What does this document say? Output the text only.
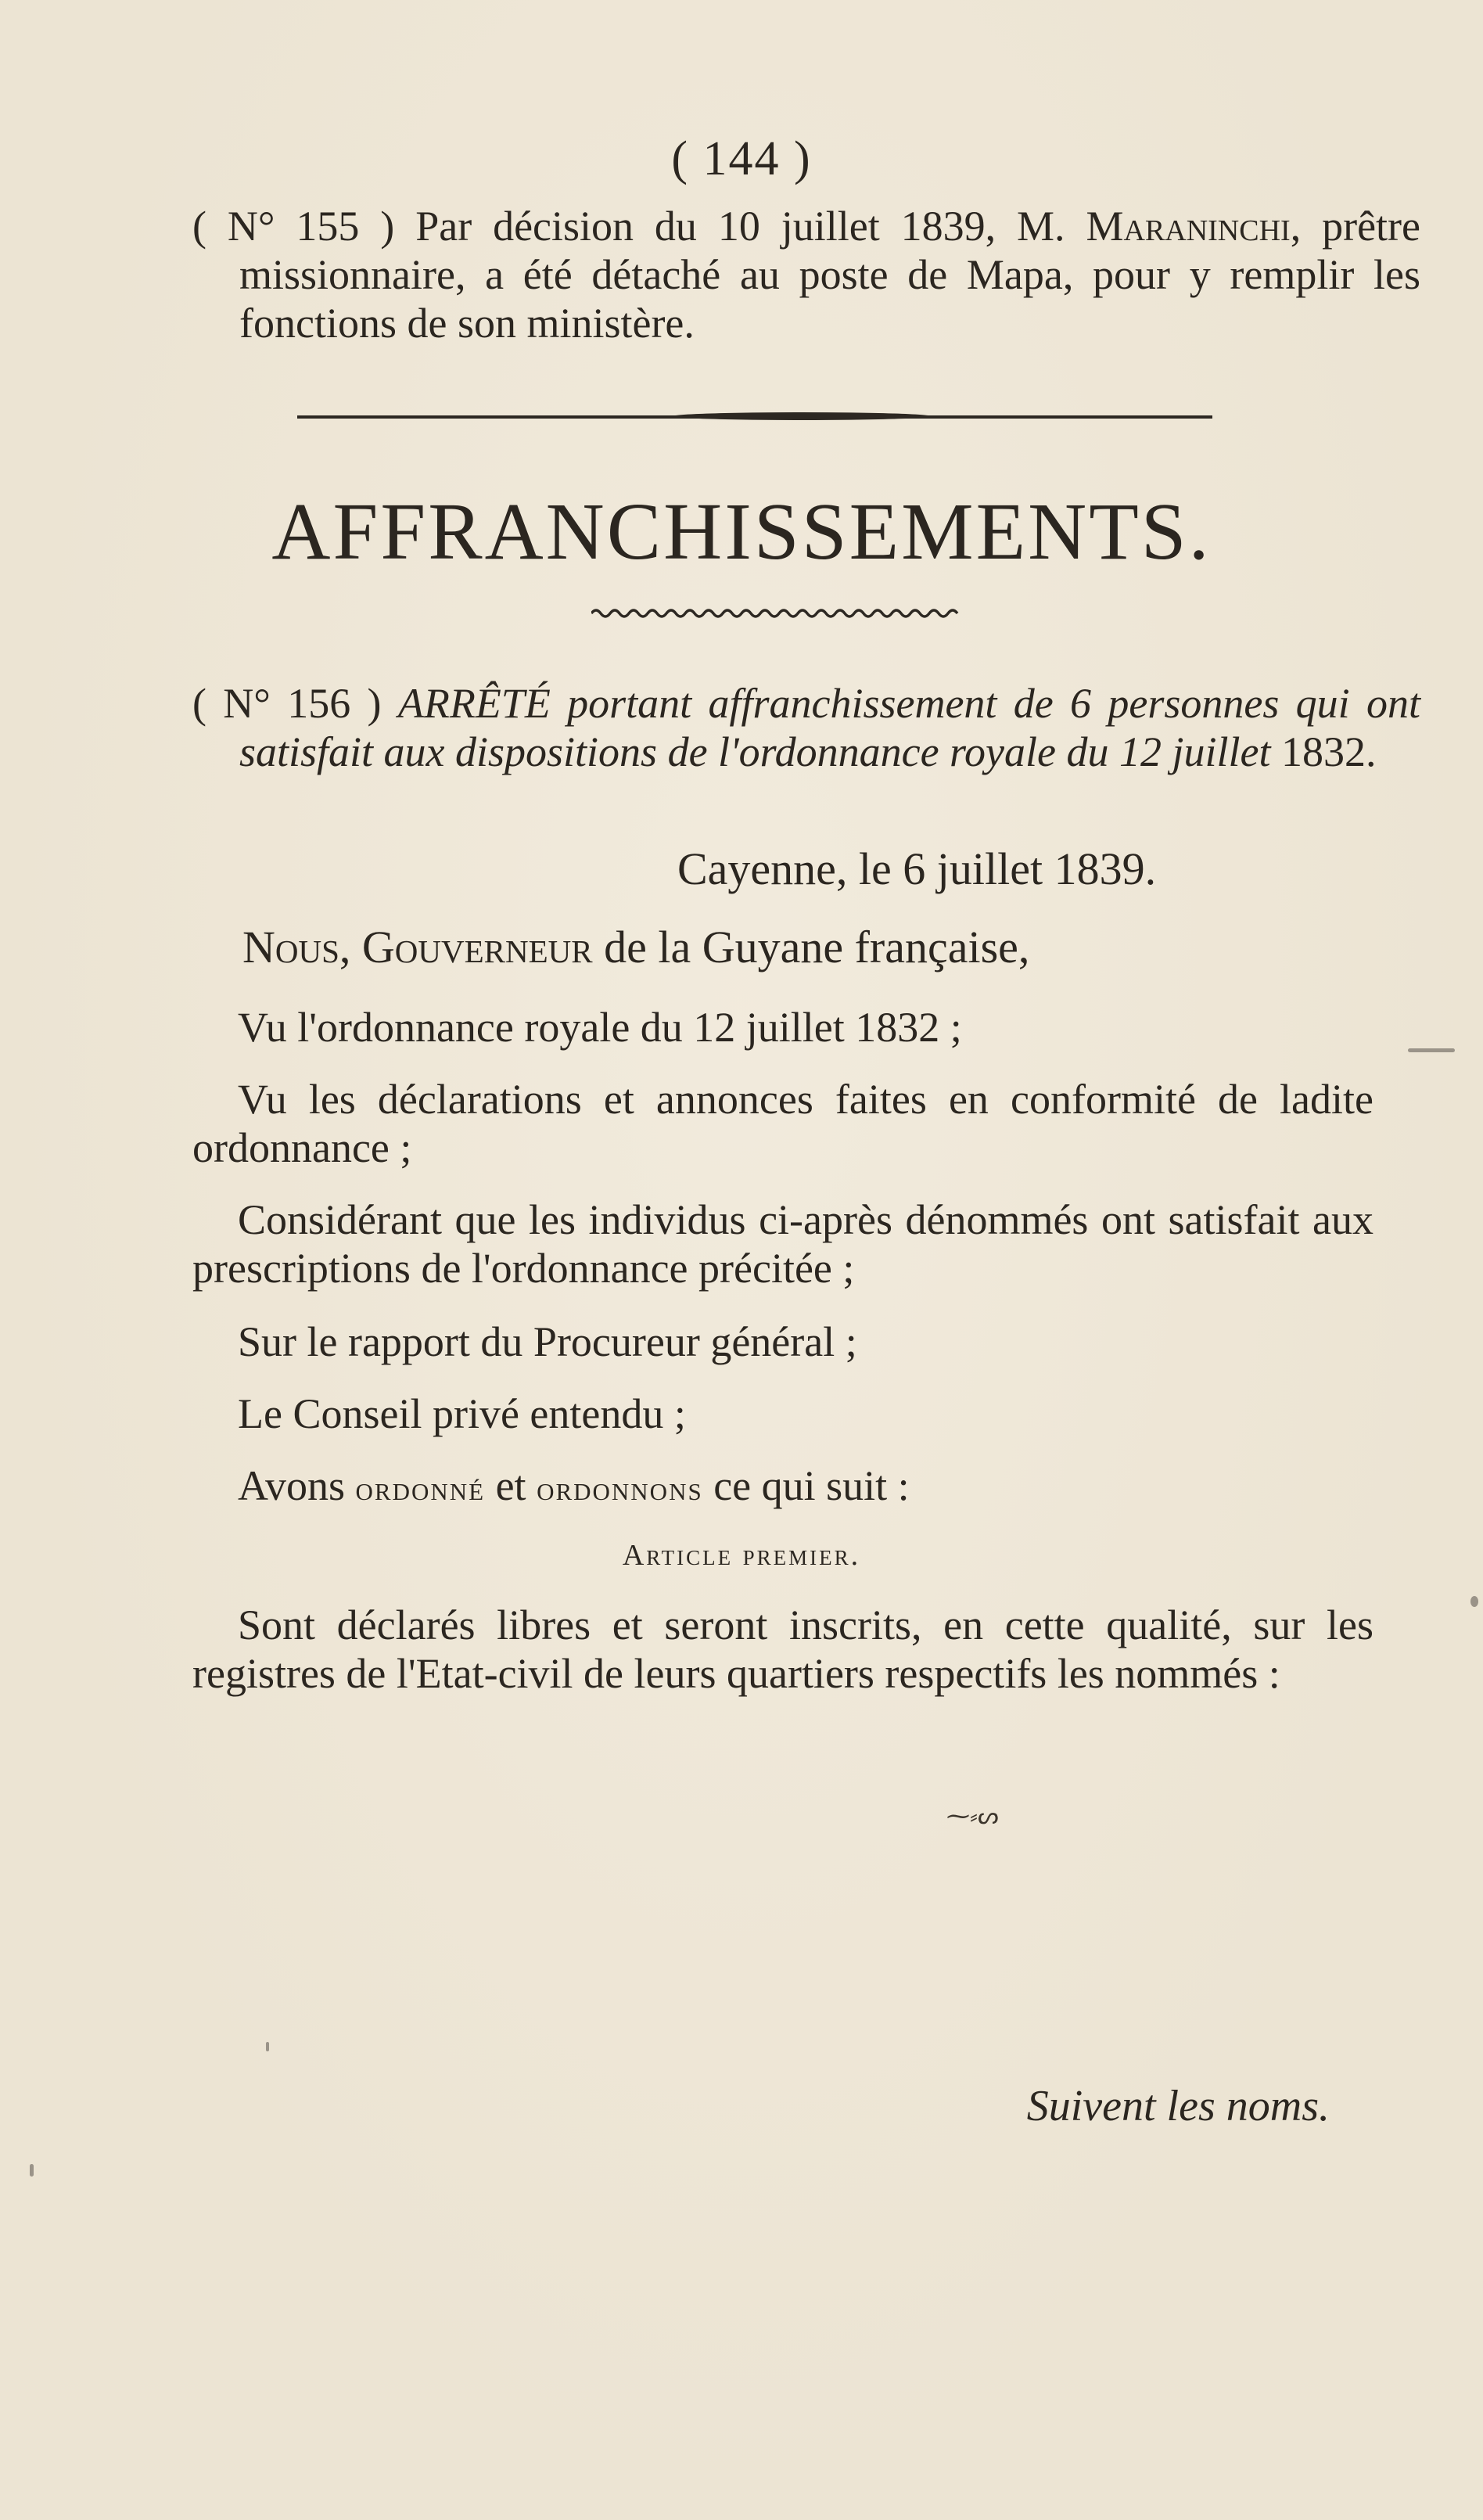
( 144 )
( N° 155 ) Par décision du 10 juillet 1839, M. Maraninchi, prêtre missionnaire, a été détaché au poste de Mapa, pour y remplir les fonctions de son ministère.
AFFRANCHISSEMENTS.
( N° 156 ) ARRÊTÉ portant affranchissement de 6 personnes qui ont satisfait aux dispositions de l'ordonnance royale du 12 juillet 1832.
Cayenne, le 6 juillet 1839.
Nous, Gouverneur de la Guyane française,
Vu l'ordonnance royale du 12 juillet 1832 ;
Vu les déclarations et annonces faites en conformité de ladite ordonnance ;
Considérant que les individus ci-après dénommés ont satisfait aux prescriptions de l'ordonnance précitée ;
Sur le rapport du Procureur général ;
Le Conseil privé entendu ;
Avons ordonné et ordonnons ce qui suit :
Article premier.
Sont déclarés libres et seront inscrits, en cette qualité, sur les registres de l'Etat-civil de leurs quartiers respectifs les nommés :
⁓⸗ᔕ
Suivent les noms.
